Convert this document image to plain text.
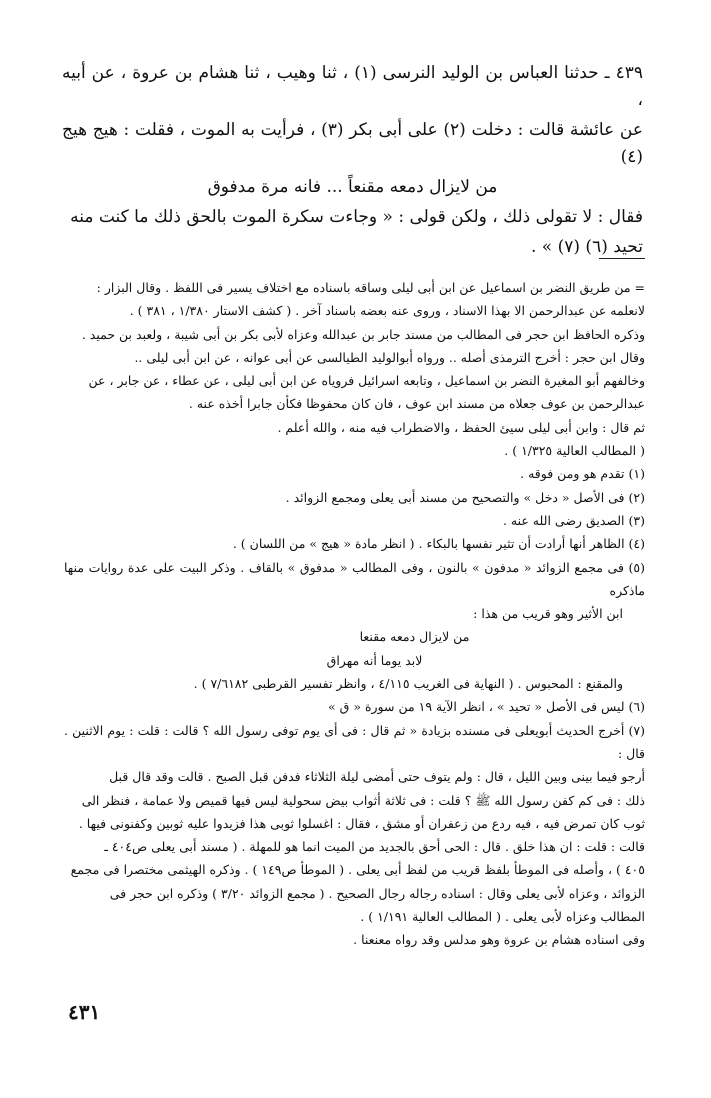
٤٣٩ ـ حدثنا العباس بن الوليد النرسى (١) ، ثنا وهيب ، ثنا هشام بن عروة ، عن أبيه ،

عن عائشة قالت : دخلت (٢) على أبى بكر (٣) ، فرأيت به الموت ، فقلت : هيج هيج (٤)

من لايزال دمعه مقنعاً ... فانه مرة مدفوق

فقال : لا تقولى ذلك ، ولكن قولى : « وجاءت سكرة الموت بالحق ذلك ما كنت منه

تحيد (٦) (٧) » .

= من طريق النضر بن اسماعيل عن ابن أبى ليلى وساقه باسناده مع اختلاف يسير فى اللفظ . وقال البزار :

لانعلمه عن عبدالرحمن الا بهذا الاسناد ، وروى عنه بعضه باسناد آخر . ( كشف الاستار ١/٣٨٠ ، ٣٨١ ) .

وذكره الحافظ ابن حجر فى المطالب من مسند جابر بن عبدالله وعزاه لأبى بكر بن أبى شيبة ، ولعبد بن حميد .

وقال ابن حجر : أخرج الترمذى أصله .. ورواه أبوالوليد الطيالسى عن أبى عوانه ، عن ابن أبى ليلى ..

وخالفهم أبو المغيرة النضر بن اسماعيل ، وتابعه اسرائيل فروياه عن ابن أبى ليلى ، عن عطاء ، عن جابر ، عن

عبدالرحمن بن عوف جعلاه من مسند ابن عوف ، فان كان محفوظا فكأن جابرا أخذه عنه .

ثم قال : وابن أبى ليلى سيئ الحفظ ، والاضطراب فيه منه ، والله أعلم .

( المطالب العالية ١/٣٢٥ ) .

(١) تقدم هو ومن فوقه .

(٢) فى الأصل « دخل » والتصحيح من مسند أبى يعلى ومجمع الزوائد .

(٣) الصديق رضى الله عنه .

(٤) الظاهر أنها أرادت أن تثير نفسها بالبكاء . ( انظر مادة « هيج » من اللسان ) .

(٥) فى مجمع الزوائد « مدفون » بالنون ، وفى المطالب « مدفوق » بالقاف . وذكر البيت على عدة روايات منها ماذكره

ابن الأثير وهو قريب من هذا :

من لايزال دمعه مقنعا

لابد يوما أنه مهراق

والمقنع : المحبوس . ( النهاية فى الغريب ٤/١١٥ ، وانظر تفسير القرطبى ٧/٦١٨٢ ) .

(٦) ليس فى الأصل « تحيد » ، انظر الآية ١٩ من سورة « ق »

(٧) أخرج الحديث أبويعلى فى مسنده بزيادة « ثم قال : فى أى يوم توفى رسول الله ؟ قالت : قلت : يوم الاثنين . قال :

أرجو فيما بينى وبين الليل ، قال : ولم يتوف حتى أمضى ليلة الثلاثاء فدفن قبل الصبح . قالت وقد قال قبل

ذلك : فى كم كفن رسول الله ﷺ ؟ قلت : فى ثلاثة أثواب بيض سحولية ليس فيها قميص ولا عمامة ، فنظر الى

ثوب كان تمرض فيه ، فيه ردع من زعفران أو مشق ، فقال : اغسلوا ثوبى هذا فزيدوا عليه ثوبين وكفنونى فيها .

قالت : قلت : ان هذا خلق . قال : الحى أحق بالجديد من الميت انما هو للمهلة . ( مسند أبى يعلى ص٤٠٤ ـ

٤٠٥ ) ، وأصله فى الموطأ بلفظ قريب من لفظ أبى يعلى . ( الموطأ ص١٤٩ ) . وذكره الهيثمى مختصرا فى مجمع

الزوائد ، وعزاه لأبى يعلى وقال : اسناده رجاله رجال الصحيح . ( مجمع الزوائد ٣/٢٠ ) وذكره ابن حجر فى

المطالب وعزاه لأبى يعلى . ( المطالب العالية ١/١٩١ ) .

وفى اسناده هشام بن عروة وهو مدلس وقد رواه معنعنا .

٤٣١
